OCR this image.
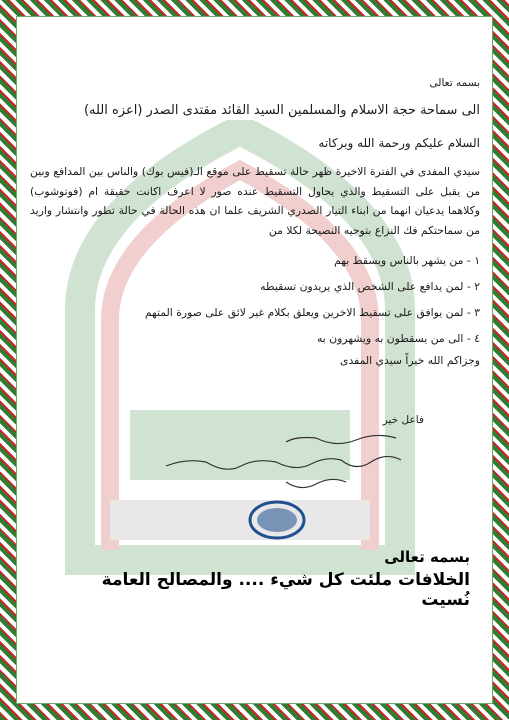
بسمه تعالى
الى سماحة حجة الاسلام والمسلمين السيد القائد مقتدى الصدر (اعزه الله)
السلام عليكم ورحمة الله وبركاته
سيدي المفدى في الفترة الاخيرة ظهر حالة تسقيط على موقع الـ(فيس بوك) والناس بين المدافع وبين من يقبل على التسقيط والذي يحاول التسقيط عنده صور لا اعرف اكانت حقيقة ام (فوتوشوب) وكلاهما يدعيان انهما من ابناء التيار الصدري الشريف علما ان هذه الحالة في حالة تطور وانتشار واريد من سماحتكم فك النزاع بتوجيه النصيحة لكلا من
١ - من يشهر بالناس ويسقط بهم
٢ - لمن يدافع على الشخص الذي يريدون تسقيطه
٣ - لمن يوافق على تسقيط الاخرين ويعلق بكلام غير لائق على صورة المتهم
٤ - الى من يسقطون به ويشهرون به
وجزاكم الله خيراً سيدي المفدى
فاعل خير
بسمه تعالى
الخلافات ملئت كل شيء .... والمصالح العامة نُسيت
